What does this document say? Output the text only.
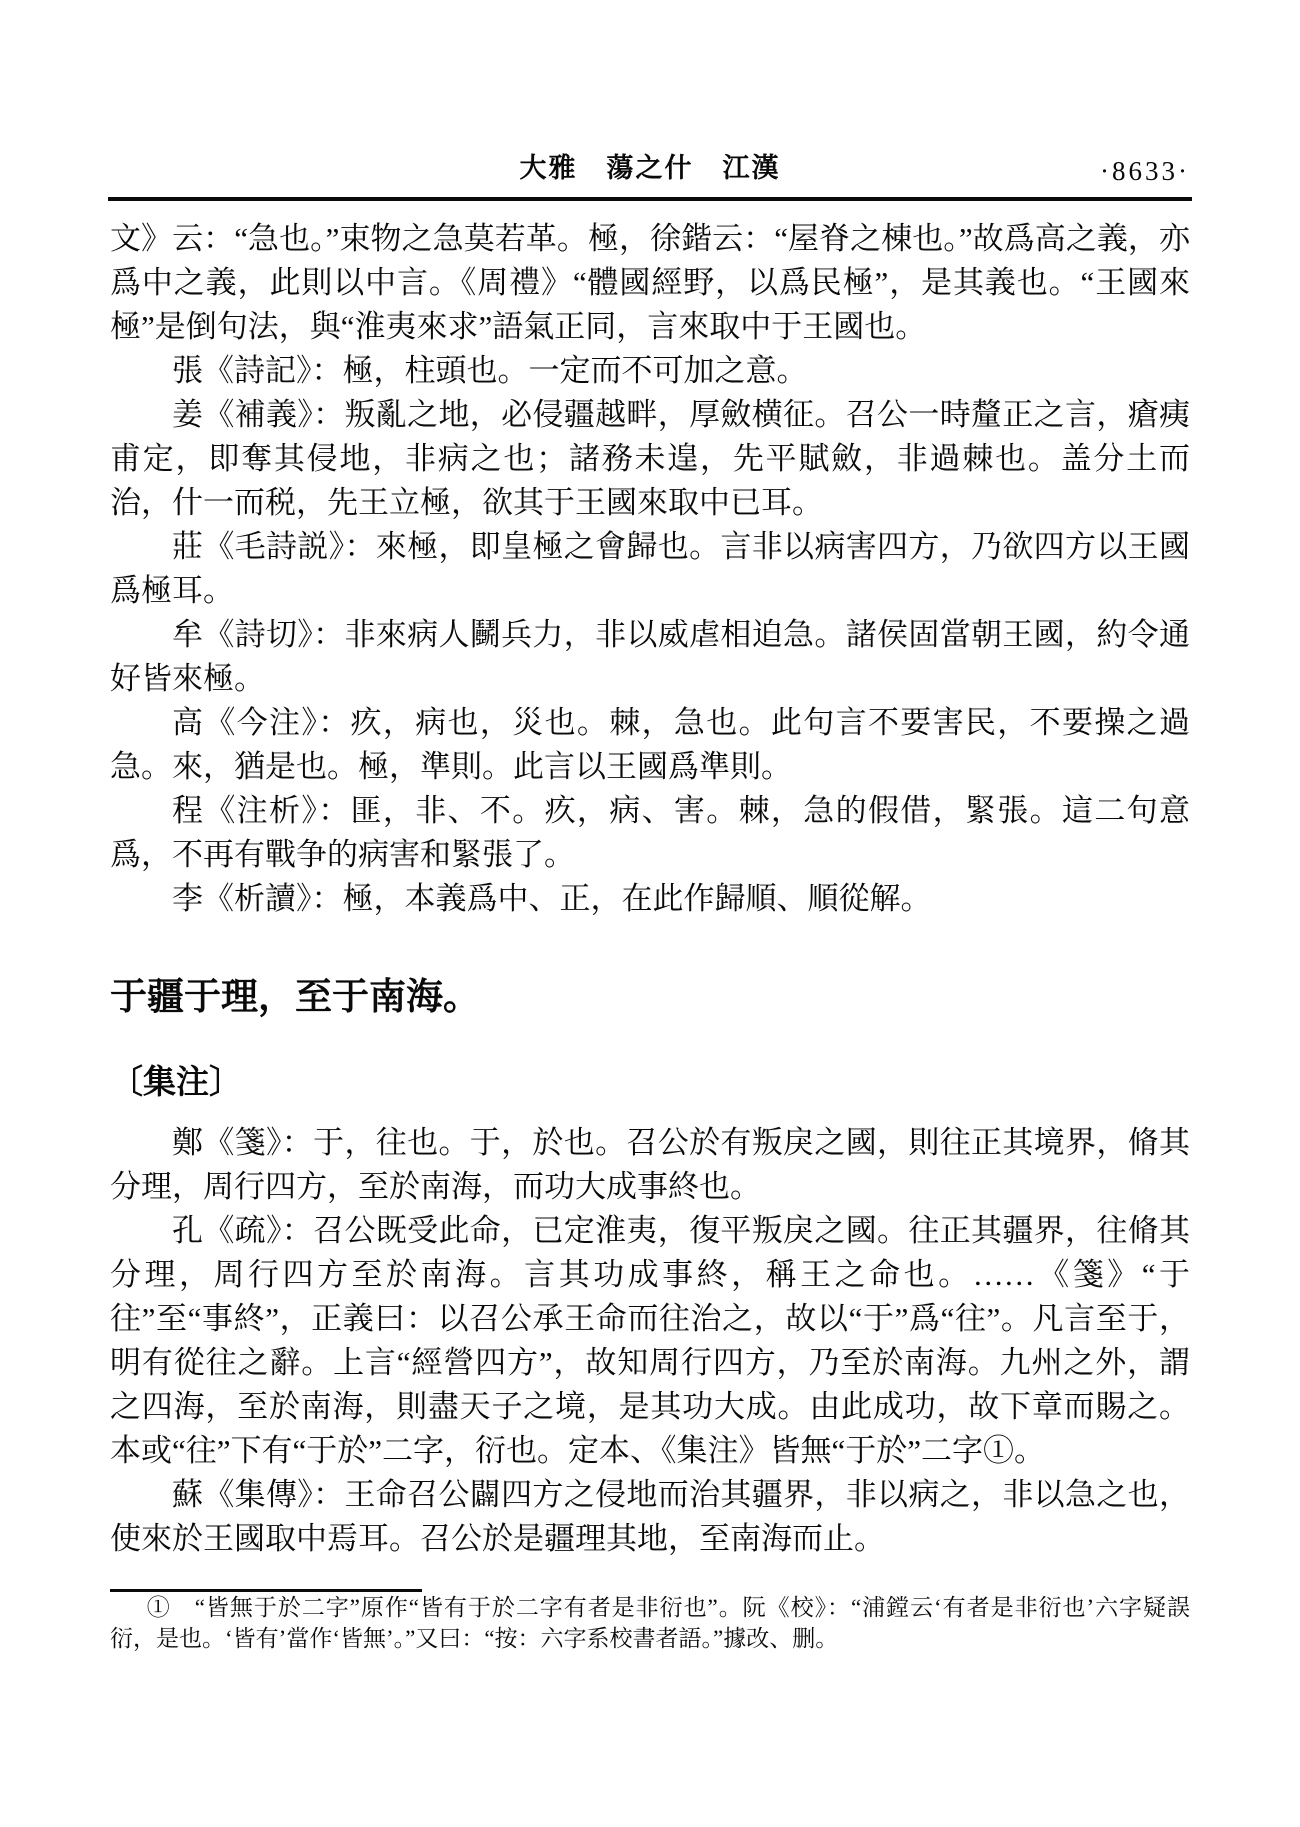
大雅　蕩之什　江漢	·8633·

文》云：“急也。”束物之急莫若革。極，徐鍇云：“屋脊之棟也。”故爲高之義，亦爲中之義，此則以中言。《周禮》“體國經野，以爲民極”，是其義也。“王國來極”是倒句法，與“淮夷來求”語氣正同，言來取中于王國也。

張《詩記》：極，柱頭也。一定而不可加之意。

姜《補義》：叛亂之地，必侵疆越畔，厚斂横征。召公一時釐正之言，瘡痍甫定，即奪其侵地，非病之也；諸務未遑，先平賦斂，非過棘也。盖分土而治，什一而税，先王立極，欲其于王國來取中已耳。

莊《毛詩説》：來極，即皇極之會歸也。言非以病害四方，乃欲四方以王國爲極耳。

牟《詩切》：非來病人鬭兵力，非以威虐相迫急。諸侯固當朝王國，約令通好皆來極。

高《今注》：疚，病也，災也。棘，急也。此句言不要害民，不要操之過急。來，猶是也。極，準則。此言以王國爲準則。

程《注析》：匪，非、不。疚，病、害。棘，急的假借，緊張。這二句意爲，不再有戰争的病害和緊張了。

李《析讀》：極，本義爲中、正，在此作歸順、順從解。

于疆于理，至于南海。
〔集注〕

鄭《箋》：于，往也。于，於也。召公於有叛戾之國，則往正其境界，脩其分理，周行四方，至於南海，而功大成事終也。

孔《疏》：召公既受此命，已定淮夷，復平叛戾之國。往正其疆界，往脩其分理，周行四方至於南海。言其功成事終，稱王之命也。……《箋》“于往”至“事終”，正義曰：以召公承王命而往治之，故以“于”爲“往”。凡言至于，明有從往之辭。上言“經營四方”，故知周行四方，乃至於南海。九州之外，謂之四海，至於南海，則盡天子之境，是其功大成。由此成功，故下章而賜之。本或“往”下有“于於”二字，衍也。定本、《集注》皆無“于於”二字①。

蘇《集傳》：王命召公闢四方之侵地而治其疆界，非以病之，非以急之也，使來於王國取中焉耳。召公於是疆理其地，至南海而止。

①　“皆無于於二字”原作“皆有于於二字有者是非衍也”。阮《校》：“浦鏜云‘有者是非衍也’六字疑誤衍，是也。‘皆有’當作‘皆無’。”又曰：“按：六字系校書者語。”據改、删。
